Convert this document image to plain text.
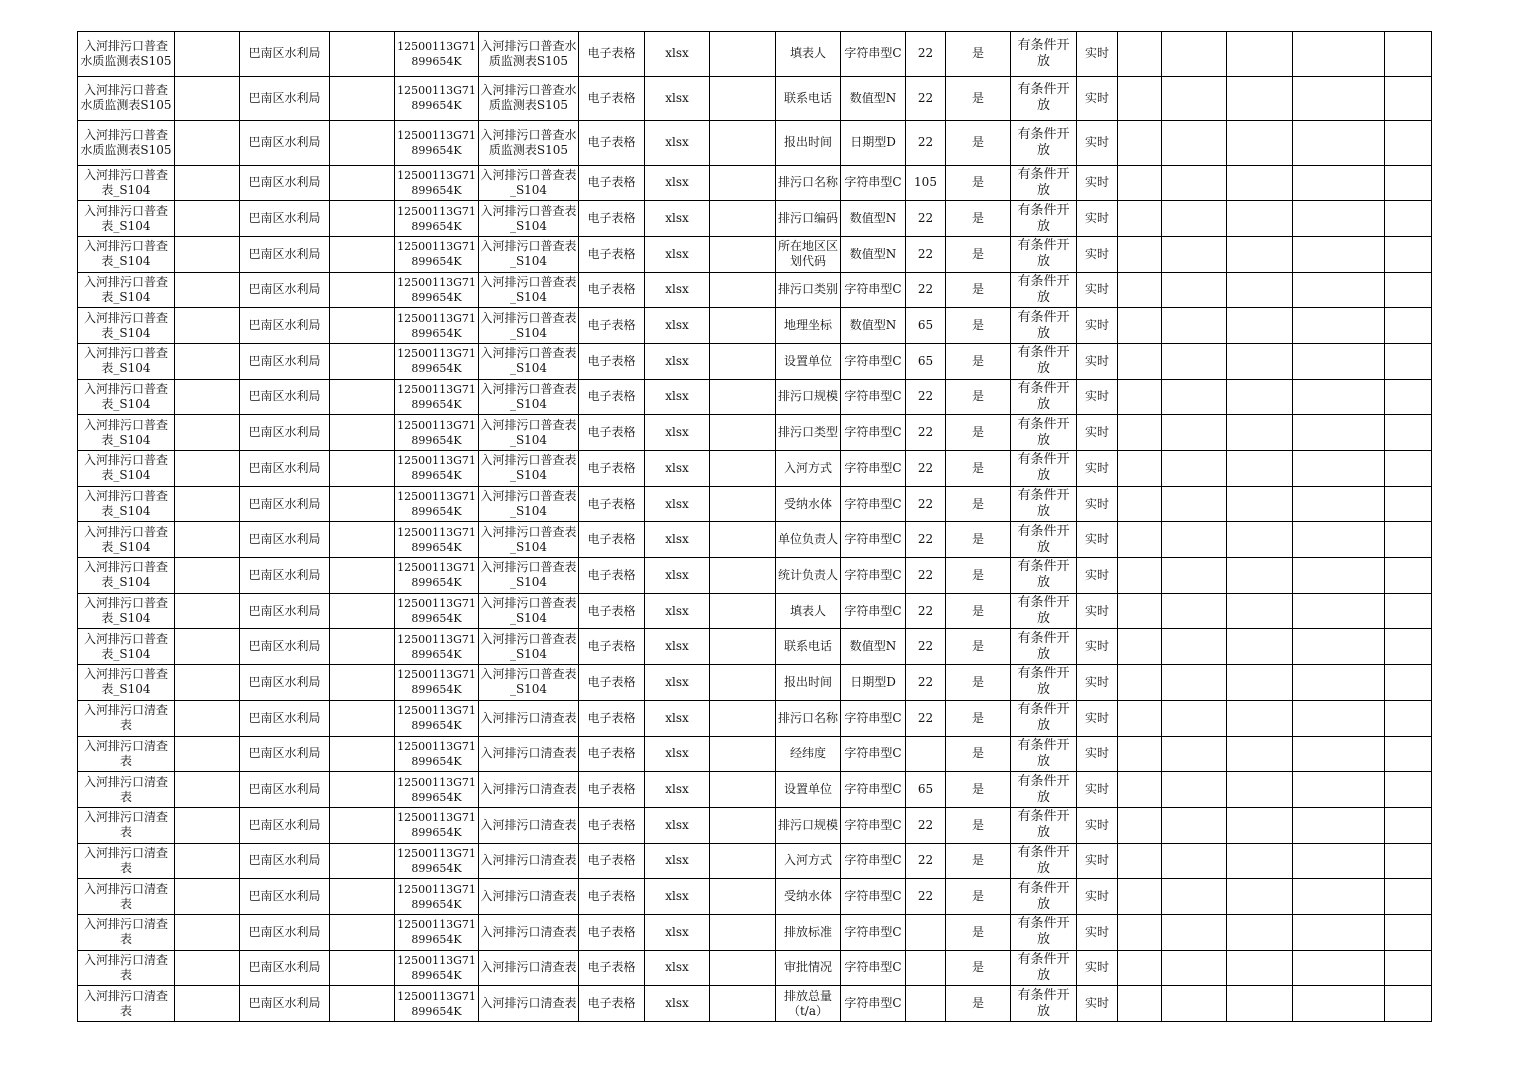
入河排污口普查水质监测表S105		巴南区水利局		12500113G71899654K	入河排污口普查水质监测表S105	电子表格	xlsx		填表人	字符串型C	22	是	有条件开放	实时					

入河排污口普查水质监测表S105		巴南区水利局		12500113G71899654K	入河排污口普查水质监测表S105	电子表格	xlsx		联系电话	数值型N	22	是	有条件开放	实时					

入河排污口普查水质监测表S105		巴南区水利局		12500113G71899654K	入河排污口普查水质监测表S105	电子表格	xlsx		报出时间	日期型D	22	是	有条件开放	实时					

入河排污口普查表_S104		巴南区水利局		12500113G71899654K	入河排污口普查表_S104	电子表格	xlsx		排污口名称	字符串型C	105	是	有条件开放	实时					

入河排污口普查表_S104		巴南区水利局		12500113G71899654K	入河排污口普查表_S104	电子表格	xlsx		排污口编码	数值型N	22	是	有条件开放	实时					

入河排污口普查表_S104		巴南区水利局		12500113G71899654K	入河排污口普查表_S104	电子表格	xlsx		所在地区区划代码	数值型N	22	是	有条件开放	实时					

入河排污口普查表_S104		巴南区水利局		12500113G71899654K	入河排污口普查表_S104	电子表格	xlsx		排污口类别	字符串型C	22	是	有条件开放	实时					

入河排污口普查表_S104		巴南区水利局		12500113G71899654K	入河排污口普查表_S104	电子表格	xlsx		地理坐标	数值型N	65	是	有条件开放	实时					

入河排污口普查表_S104		巴南区水利局		12500113G71899654K	入河排污口普查表_S104	电子表格	xlsx		设置单位	字符串型C	65	是	有条件开放	实时					

入河排污口普查表_S104		巴南区水利局		12500113G71899654K	入河排污口普查表_S104	电子表格	xlsx		排污口规模	字符串型C	22	是	有条件开放	实时					

入河排污口普查表_S104		巴南区水利局		12500113G71899654K	入河排污口普查表_S104	电子表格	xlsx		排污口类型	字符串型C	22	是	有条件开放	实时					

入河排污口普查表_S104		巴南区水利局		12500113G71899654K	入河排污口普查表_S104	电子表格	xlsx		入河方式	字符串型C	22	是	有条件开放	实时					

入河排污口普查表_S104		巴南区水利局		12500113G71899654K	入河排污口普查表_S104	电子表格	xlsx		受纳水体	字符串型C	22	是	有条件开放	实时					

入河排污口普查表_S104		巴南区水利局		12500113G71899654K	入河排污口普查表_S104	电子表格	xlsx		单位负责人	字符串型C	22	是	有条件开放	实时					

入河排污口普查表_S104		巴南区水利局		12500113G71899654K	入河排污口普查表_S104	电子表格	xlsx		统计负责人	字符串型C	22	是	有条件开放	实时					

入河排污口普查表_S104		巴南区水利局		12500113G71899654K	入河排污口普查表_S104	电子表格	xlsx		填表人	字符串型C	22	是	有条件开放	实时					

入河排污口普查表_S104		巴南区水利局		12500113G71899654K	入河排污口普查表_S104	电子表格	xlsx		联系电话	数值型N	22	是	有条件开放	实时					

入河排污口普查表_S104		巴南区水利局		12500113G71899654K	入河排污口普查表_S104	电子表格	xlsx		报出时间	日期型D	22	是	有条件开放	实时					

入河排污口清查表		巴南区水利局		12500113G71899654K	入河排污口清查表	电子表格	xlsx		排污口名称	字符串型C	22	是	有条件开放	实时					

入河排污口清查表		巴南区水利局		12500113G71899654K	入河排污口清查表	电子表格	xlsx		经纬度	字符串型C		是	有条件开放	实时					

入河排污口清查表		巴南区水利局		12500113G71899654K	入河排污口清查表	电子表格	xlsx		设置单位	字符串型C	65	是	有条件开放	实时					

入河排污口清查表		巴南区水利局		12500113G71899654K	入河排污口清查表	电子表格	xlsx		排污口规模	字符串型C	22	是	有条件开放	实时					

入河排污口清查表		巴南区水利局		12500113G71899654K	入河排污口清查表	电子表格	xlsx		入河方式	字符串型C	22	是	有条件开放	实时					

入河排污口清查表		巴南区水利局		12500113G71899654K	入河排污口清查表	电子表格	xlsx		受纳水体	字符串型C	22	是	有条件开放	实时					

入河排污口清查表		巴南区水利局		12500113G71899654K	入河排污口清查表	电子表格	xlsx		排放标准	字符串型C		是	有条件开放	实时					

入河排污口清查表		巴南区水利局		12500113G71899654K	入河排污口清查表	电子表格	xlsx		审批情况	字符串型C		是	有条件开放	实时					

入河排污口清查表		巴南区水利局		12500113G71899654K	入河排污口清查表	电子表格	xlsx		排放总量（t/a）	字符串型C		是	有条件开放	实时					
